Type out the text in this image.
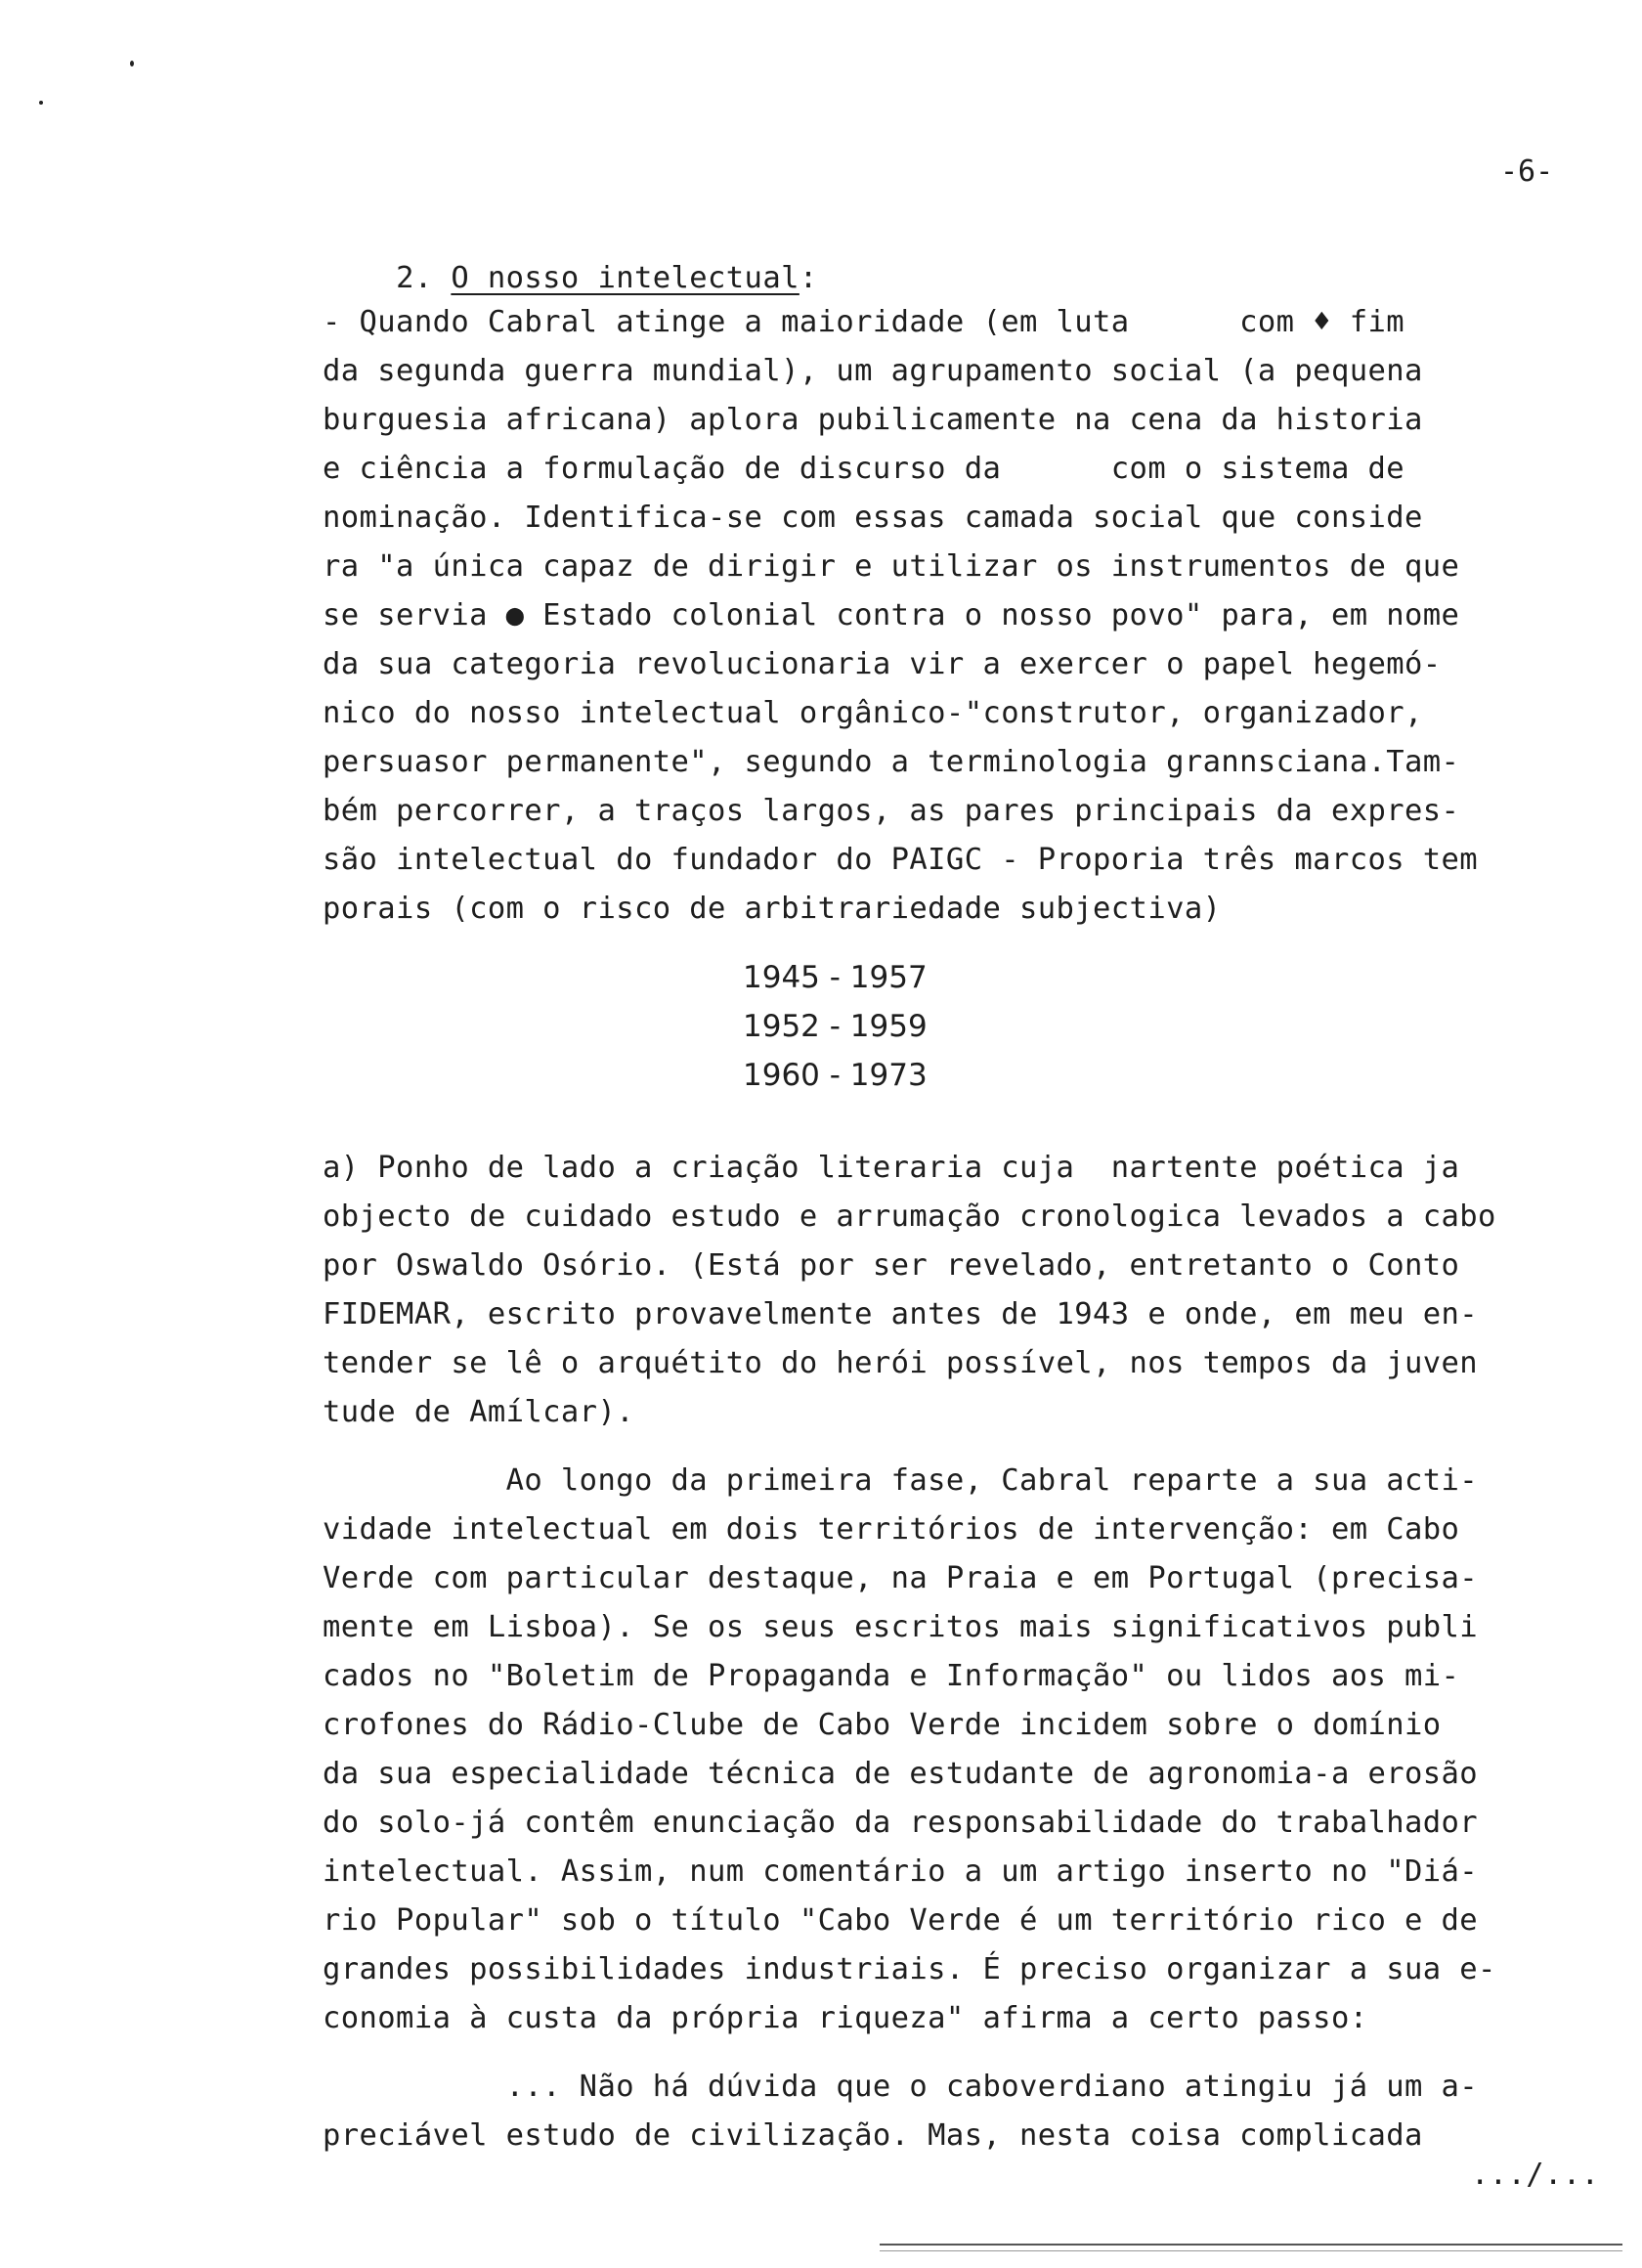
-6-

2. O nosso intelectual:

- Quando Cabral atinge a maioridade (em luta      com ♦ fim
da segunda guerra mundial), um agrupamento social (a pequena
burguesia africana) aplora pubilicamente na cena da historia
e ciência a formulação de discurso da      com o sistema de
nominação. Identifica-se com essas camada social que conside
ra "a única capaz de dirigir e utilizar os instrumentos de que
se servia ● Estado colonial contra o nosso povo" para, em nome
da sua categoria revolucionaria vir a exercer o papel hegemó-
nico do nosso intelectual orgânico-"construtor, organizador,
persuasor permanente", segundo a terminologia grannsciana.Tam-
bém percorrer, a traços largos, as pares principais da expres-
são intelectual do fundador do PAIGC - Proporia três marcos tem
porais (com o risco de arbitrariedade subjectiva)
1945 - 1957
1952 - 1959
1960 - 1973
a) Ponho de lado a criação literaria cuja  nartente poética ja
objecto de cuidado estudo e arrumação cronologica levados a cabo
por Oswaldo Osório. (Está por ser revelado, entretanto o Conto
FIDEMAR, escrito provavelmente antes de 1943 e onde, em meu en-
tender se lê o arquétito do herói possível, nos tempos da juven
tude de Amílcar).
Ao longo da primeira fase, Cabral reparte a sua acti-
vidade intelectual em dois territórios de intervenção: em Cabo
Verde com particular destaque, na Praia e em Portugal (precisa-
mente em Lisboa). Se os seus escritos mais significativos publi
cados no "Boletim de Propaganda e Informação" ou lidos aos mi-
crofones do Rádio-Clube de Cabo Verde incidem sobre o domínio
da sua especialidade técnica de estudante de agronomia-a erosão
do solo-já contêm enunciação da responsabilidade do trabalhador
intelectual. Assim, num comentário a um artigo inserto no "Diá-
rio Popular" sob o título "Cabo Verde é um território rico e de
grandes possibilidades industriais. É preciso organizar a sua e-
conomia à custa da própria riqueza" afirma a certo passo:
... Não há dúvida que o caboverdiano atingiu já um a-
preciável estudo de civilização. Mas, nesta coisa complicada
.../...
